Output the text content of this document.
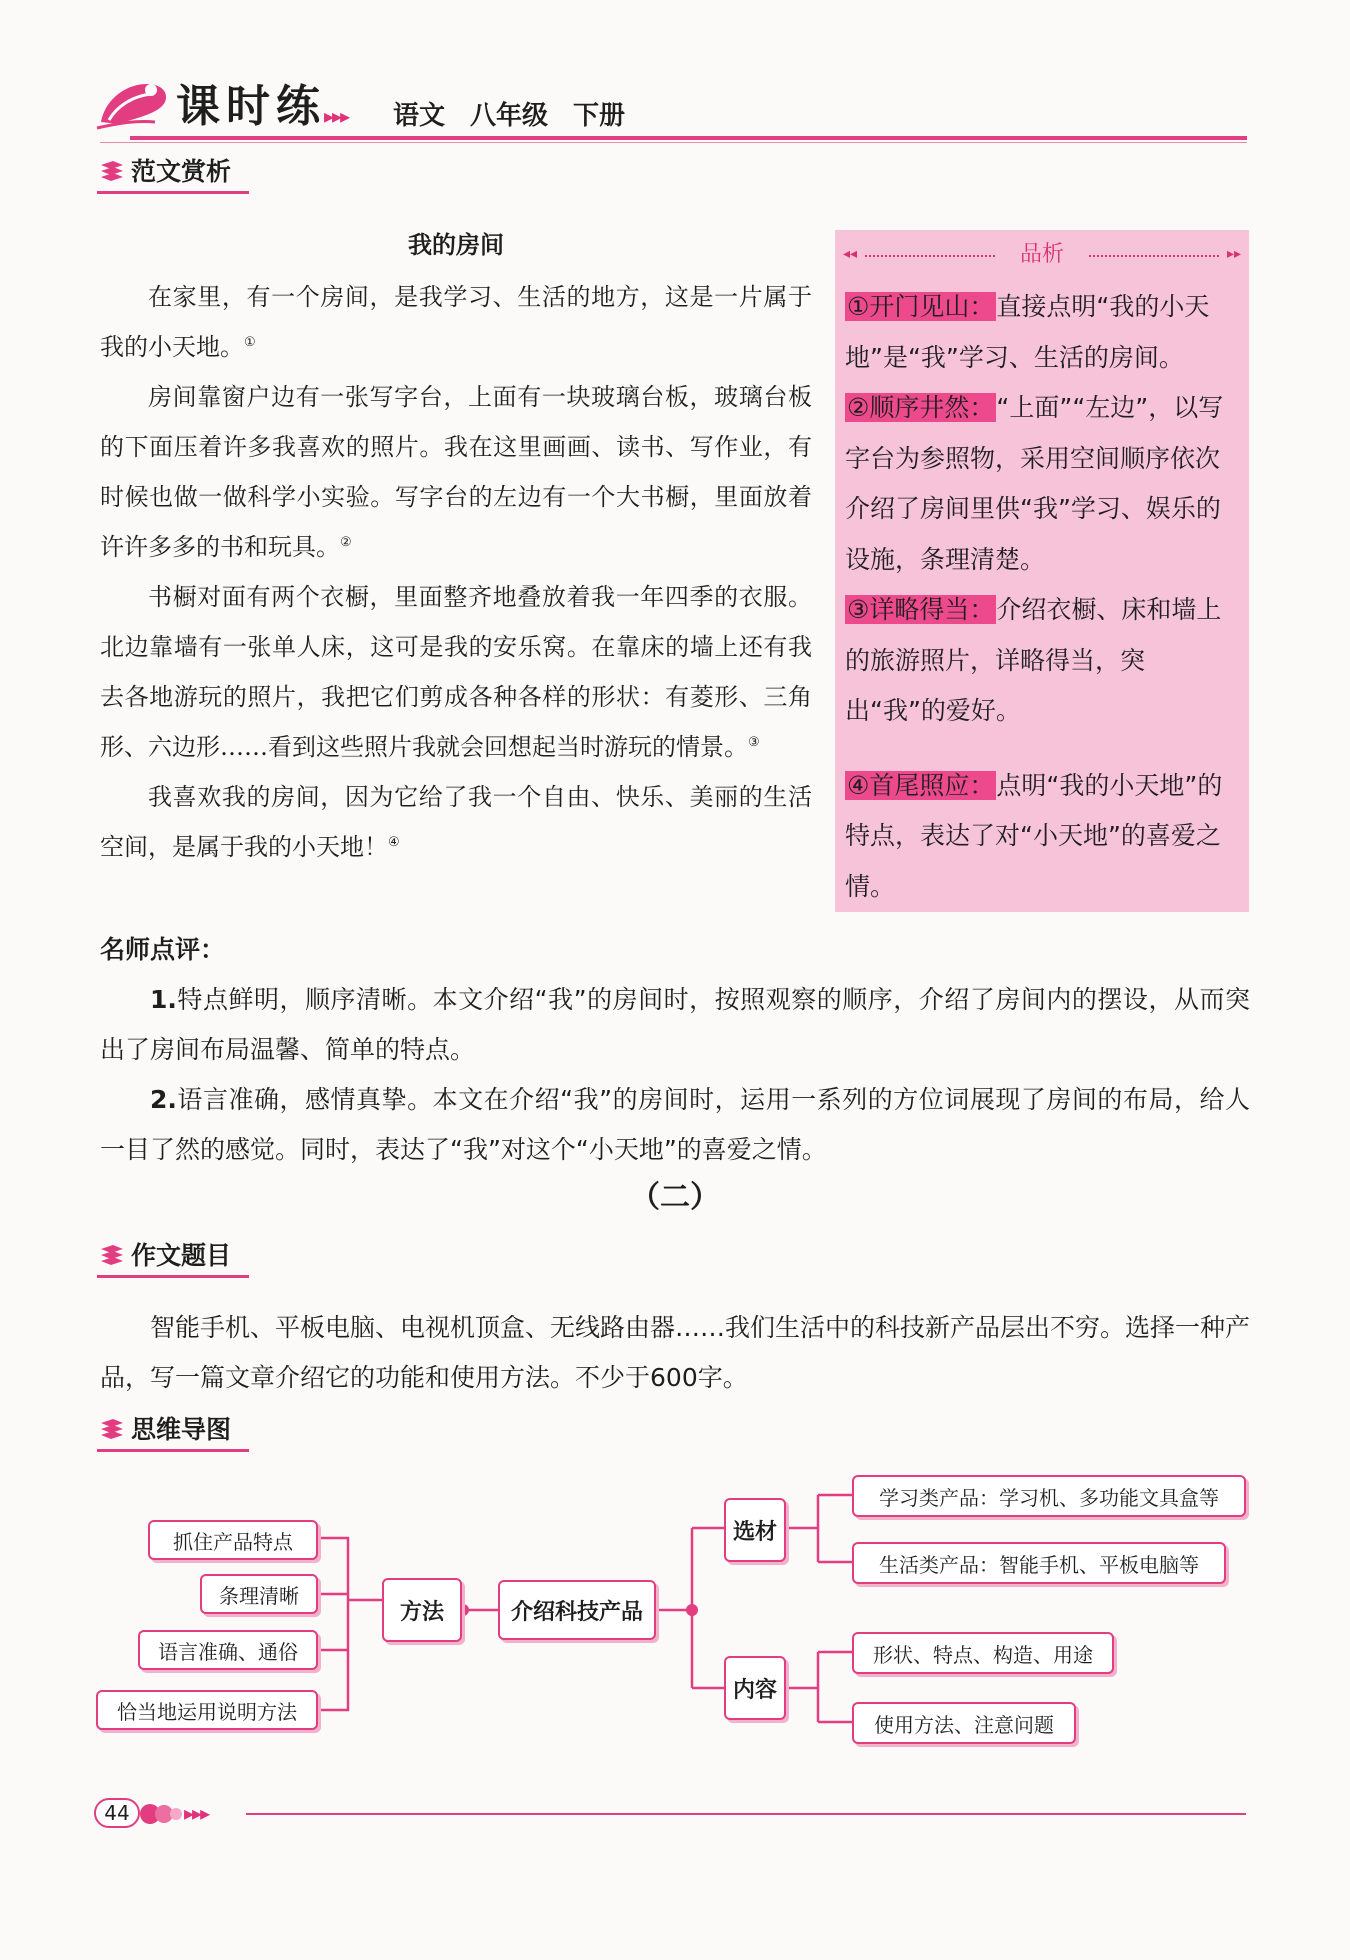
课时练
▸▸▸ 语文 八年级 下册
范文赏析
我的房间

在家里，有一个房间，是我学习、生活的地方，这是一片属于我的小天地。①

房间靠窗户边有一张写字台，上面有一块玻璃台板，玻璃台板的下面压着许多我喜欢的照片。我在这里画画、读书、写作业，有时候也做一做科学小实验。写字台的左边有一个大书橱，里面放着许许多多的书和玩具。②

书橱对面有两个衣橱，里面整齐地叠放着我一年四季的衣服。北边靠墙有一张单人床，这可是我的安乐窝。在靠床的墙上还有我去各地游玩的照片，我把它们剪成各种各样的形状：有菱形、三角形、六边形……看到这些照片我就会回想起当时游玩的情景。③

我喜欢我的房间，因为它给了我一个自由、快乐、美丽的生活空间，是属于我的小天地！④

◂◂	品析	▸▸

①开门见山：直接点明“我的小天地”是“我”学习、生活的房间。

②顺序井然：“上面”“左边”，以写字台为参照物，采用空间顺序依次介绍了房间里供“我”学习、娱乐的设施，条理清楚。

③详略得当：介绍衣橱、床和墙上的旅游照片，详略得当，突出“我”的爱好。

④首尾照应：点明“我的小天地”的特点，表达了对“小天地”的喜爱之情。

名师点评：

1.特点鲜明，顺序清晰。本文介绍“我”的房间时，按照观察的顺序，介绍了房间内的摆设，从而突出了房间布局温馨、简单的特点。

2.语言准确，感情真挚。本文在介绍“我”的房间时，运用一系列的方位词展现了房间的布局，给人一目了然的感觉。同时，表达了“我”对这个“小天地”的喜爱之情。

（二）
作文题目

智能手机、平板电脑、电视机顶盒、无线路由器……我们生活中的科技新产品层出不穷。选择一种产品，写一篇文章介绍它的功能和使用方法。不少于600字。

思维导图
抓住产品特点
条理清晰
语言准确、通俗
恰当地运用说明方法
方法	介绍科技产品
选材
内容
学习类产品：学习机、多功能文具盒等
生活类产品：智能手机、平板电脑等
形状、特点、构造、用途
使用方法、注意问题
44	▸▸▸
